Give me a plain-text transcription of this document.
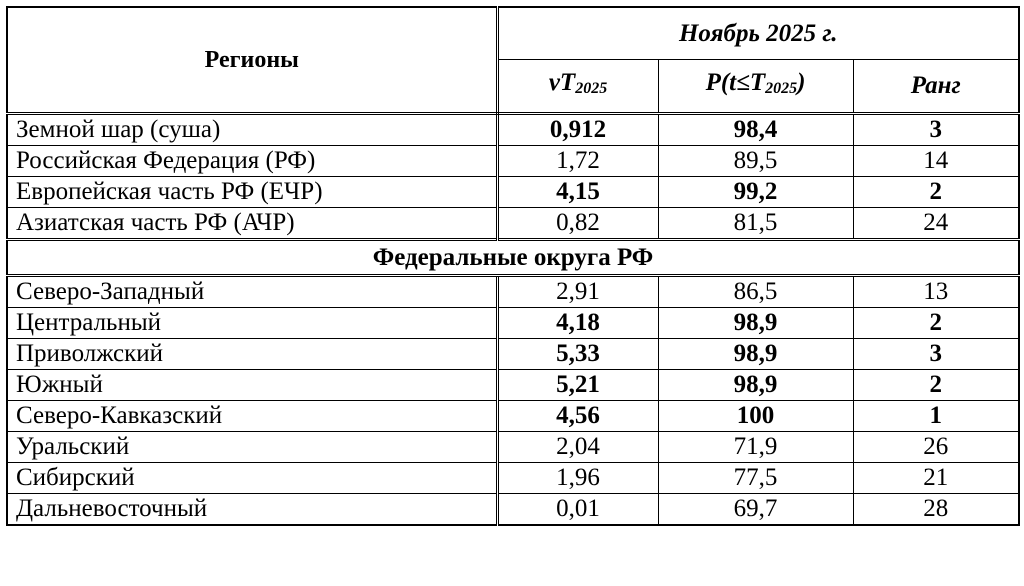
Регионы	Ноябрь 2025 г.		
	$vT_{2025}$	$P(t\le T_{2025})$	Ранг
Земной шар (суша)	0,912	98,4	3
Российская Федерация (РФ)	1,72	89,5	14
Европейская часть РФ (ЕЧР)	4,15	99,2	2
Азиатская часть РФ (АЧР)	0,82	81,5	24
Федеральные округа РФ			
Северо-Западный	2,91	86,5	13
Центральный	4,18	98,9	2
Приволжский	5,33	98,9	3
Южный	5,21	98,9	2
Северо-Кавказский	4,56	100	1
Уральский	2,04	71,9	26
Сибирский	1,96	77,5	21
Дальневосточный	0,01	69,7	28
